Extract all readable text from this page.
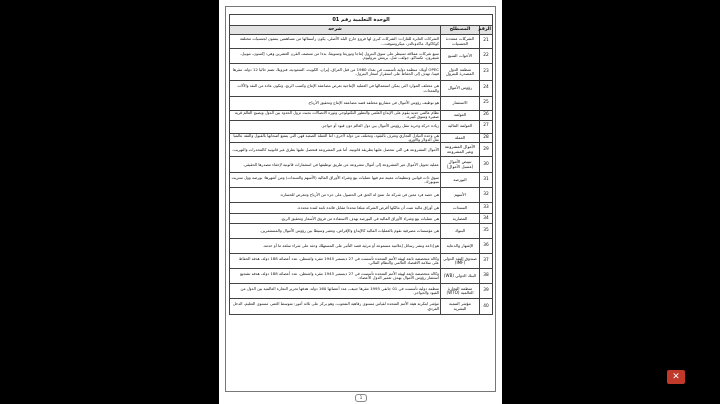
الوحدة التعلمية رقم 01		
الرقم	المصطلح	شرحه
21	الشركات متعددة الجنسيات	الشركات العابرة للقارات: الشركات كبرى لها فروع خارج البلد الأصلي، يكون رأسمالها من مساهمين ينتمون لجنسيات مختلفة كوكاكولا، ماكدونالدز، ميكروسوفت...
22	الأخوات السبع	سبع شركات عملاقة تسيطر على سوق البترول إنتاجا وتوزيعا وتسويقا، بدءا من منتصف القرن العشرين وهي: إكسون، موبيل، شيفرون، تكساكو، جولف، شل، بريتش بتروليوم.
23	منظمة الدول المصدرة للبترول	OPEC أوبك: منظمة دولية تأسست في بغداد 1960 من قبل العراق، إيران، الكويت، السعودية، فنزويلا، تضم حاليا 12 دولة، مقرها فيينا، تهدف إلى الحفاظ على استقرار أسعار البترول.
24	رؤوس الأموال	هي مختلف الموارد التي يمكن استعمالها في العملية الإنتاجية بغرض مضاعفة الإنتاج وكسب الربح، وتكون عادة من النقد والآلات والمعدات.
25	الاستثمار	هو توظيف رؤوس الأموال في مشاريع مختلفة قصد مضاعفة الإنتاج وتحقيق الأرباح.
26	العولمة	نظام عالمي جديد يقوم على الإبداع العلمي والتطور التكنولوجي وثورة الاتصالات بحيث تزول الحدود بين الدول ويصبح العالم قرية صغيرة وسوق كبيرة.
27	العولمة المالية	زيادة حركة وحرية تنقل رؤوس الأموال بين دول العالم دون قيود أو حواجز.
28	العملة	هي وحدة التبادل التجاري وتعرف بالنقود، وتختلف من دولة لأخرى: أما العملة الصعبة فهي التي يتمتع أصحابها بالقبول والثقة عالميا مثل الدولار والأورو.
29	الأموال المشروعة وغير المشروعة	الأموال المشروعة هي التي تتحصل عليها بطريقة قانونية، أما غير المشروعة فتحصل عليها بطرق غير قانونية كالمخدرات والتهريب.
30	تبييض الأموال (غسيل الأموال)	عملية تحويل الأموال غير المشروعة إلى أموال مشروعة عن طريق توظيفها في استثمارات قانونية لإخفاء مصدرها الحقيقي.
31	البورصة	سوق ذات قوانين وتنظيمات معينة تتم فيها عمليات بيع وشراء الأوراق المالية (الأسهم والسندات) ومن أشهرها: بورصة وول ستريت بنيويورك.
32	الأسهم	هي حصة فرد معين في شركة ما، تمنح له الحق في الحصول على جزء من الأرباح وتتعرض للخسارة.
33	السندات	هي أوراق مالية تثبت أن مالكها أقرض الشركة مبلغا محددا مقابل فائدة ثابتة لمدة محددة.
34	المضاربة	هي عمليات بيع وشراء الأوراق المالية في البورصة بهدف الاستفادة من فروق الأسعار وتحقيق الربح.
35	البنوك	هي مؤسسات مصرفية تقوم بالعمليات المالية كالإيداع والإقراض، وتعتبر وسيطا بين رؤوس الأموال والمستثمرين.
36	الإشهار والدعاية	هو إذاعة ونشر رسائل إعلامية مسموعة أو مرئية قصد التأثير على المستهلك وحثه على شراء سلعة ما أو خدمة.
37	صندوق النقد الدولي (IMF)	وكالة متخصصة تابعة لهيئة الأمم المتحدة تأسست في 27 ديسمبر 1945 مقره واشنطن، عدد أعضائه 188 دولة، هدفه الحفاظ على سلامة الاقتصاد العالمي والنظام المالي.
38	البنك الدولي (WB)	وكالة متخصصة تابعة لهيئة الأمم المتحدة تأسست في 27 ديسمبر 1945 مقره واشنطن، عدد أعضائه 188 دولة، هدفه تشجيع استثمار رؤوس الأموال بهدف تعمير الدول الأعضاء.
39	منظمة التجارة العالمية (WTO)	منظمة دولية تأسست في 01 جانفي 1995 مقرها جنيف، عدد أعضائها 160 دولة، هدفها تحرير التجارة العالمية بين الدول من القيود والحواجز.
40	مؤشر التنمية البشرية	مؤشر ابتكرته هيئة الأمم المتحدة لقياس مستوى رفاهية الشعوب، وهو يركز على ثلاثة أمور: متوسط العمر، مستوى التعليم، الدخل الفردي.
1
✕
